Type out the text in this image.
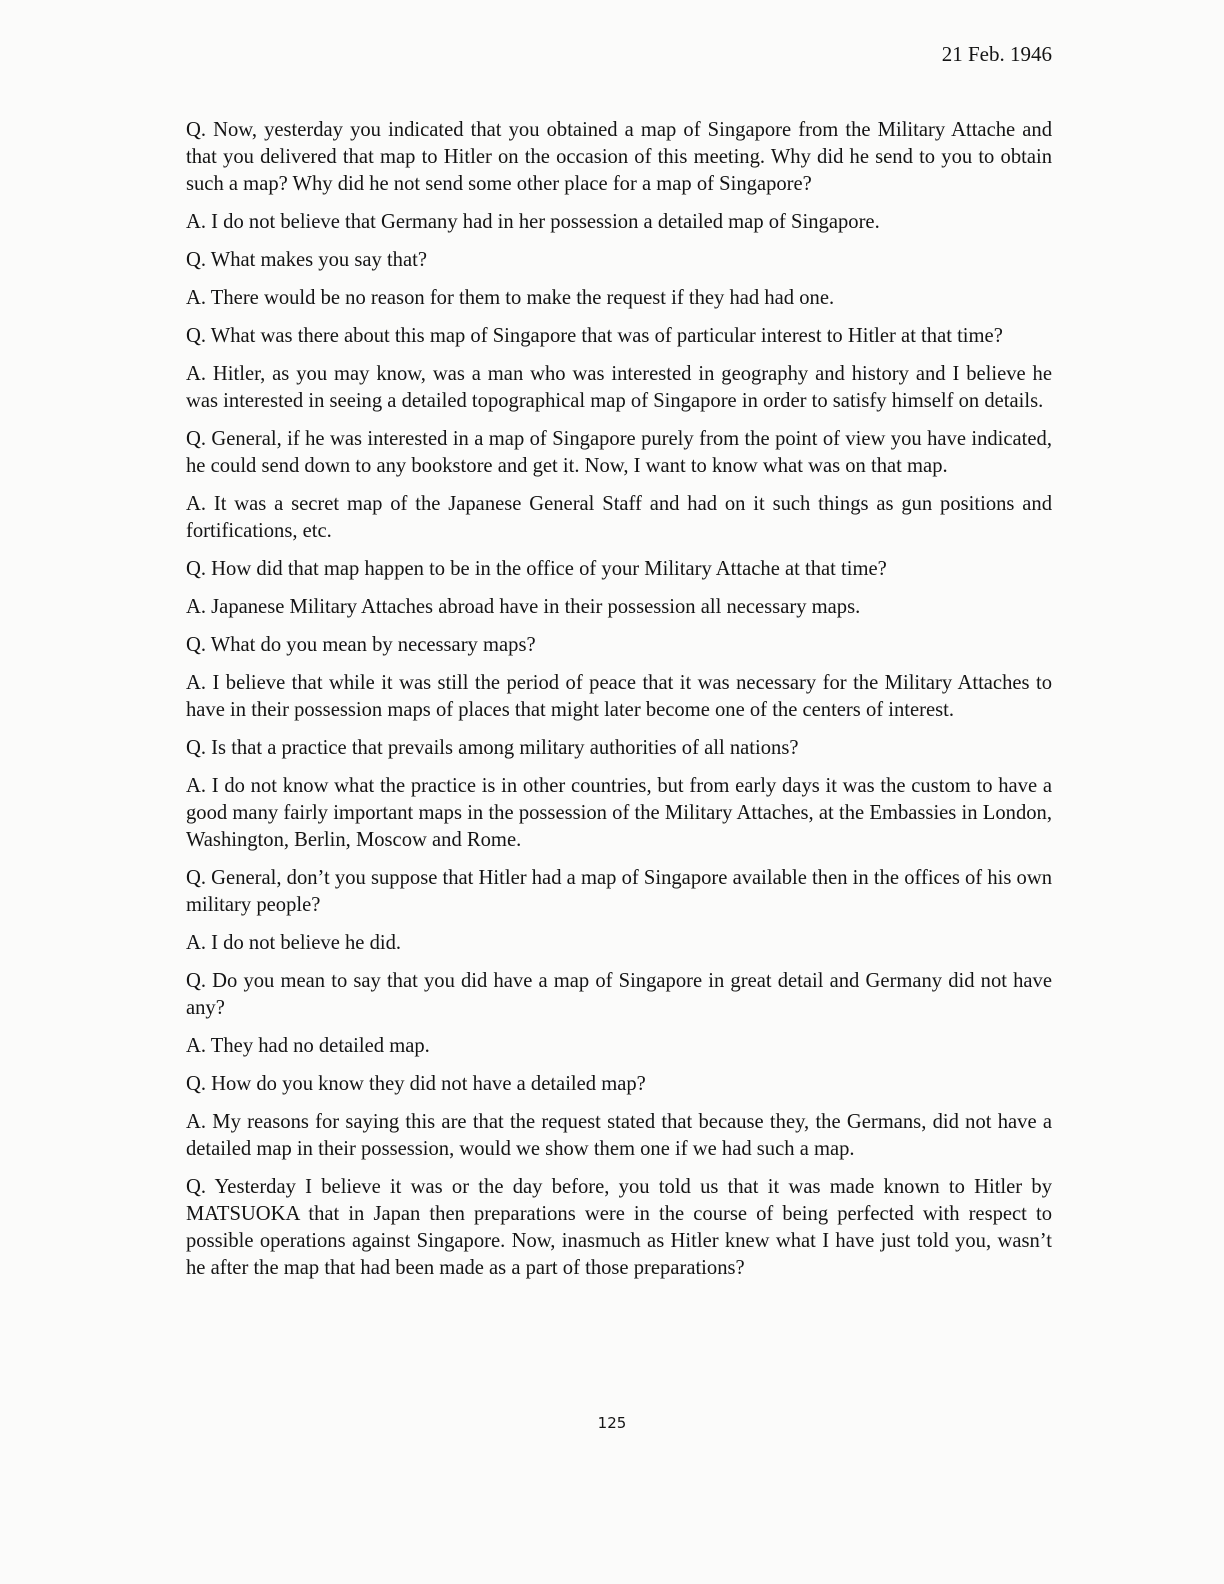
21 Feb. 1946

Q. Now, yesterday you indicated that you obtained a map of Singapore from the Military Attache and that you delivered that map to Hitler on the occasion of this meeting. Why did he send to you to obtain such a map? Why did he not send some other place for a map of Singapore?

A. I do not believe that Germany had in her possession a detailed map of Singapore.

Q. What makes you say that?

A. There would be no reason for them to make the request if they had had one.

Q. What was there about this map of Singapore that was of particular interest to Hitler at that time?

A. Hitler, as you may know, was a man who was interested in geography and history and I believe he was interested in seeing a detailed topographical map of Singapore in order to satisfy himself on details.

Q. General, if he was interested in a map of Singapore purely from the point of view you have indicated, he could send down to any bookstore and get it. Now, I want to know what was on that map.

A. It was a secret map of the Japanese General Staff and had on it such things as gun positions and fortifications, etc.

Q. How did that map happen to be in the office of your Military Attache at that time?

A. Japanese Military Attaches abroad have in their possession all necessary maps.

Q. What do you mean by necessary maps?

A. I believe that while it was still the period of peace that it was necessary for the Military Attaches to have in their possession maps of places that might later become one of the centers of interest.

Q. Is that a practice that prevails among military authorities of all nations?

A. I do not know what the practice is in other countries, but from early days it was the custom to have a good many fairly important maps in the possession of the Military Attaches, at the Embassies in London, Washington, Berlin, Moscow and Rome.

Q. General, don’t you suppose that Hitler had a map of Singapore available then in the offices of his own military people?

A. I do not believe he did.

Q. Do you mean to say that you did have a map of Singapore in great detail and Germany did not have any?

A. They had no detailed map.

Q. How do you know they did not have a detailed map?

A. My reasons for saying this are that the request stated that because they, the Germans, did not have a detailed map in their possession, would we show them one if we had such a map.

Q. Yesterday I believe it was or the day before, you told us that it was made known to Hitler by MATSUOKA that in Japan then preparations were in the course of being perfected with respect to possible operations against Singapore. Now, inasmuch as Hitler knew what I have just told you, wasn’t he after the map that had been made as a part of those preparations?

125
